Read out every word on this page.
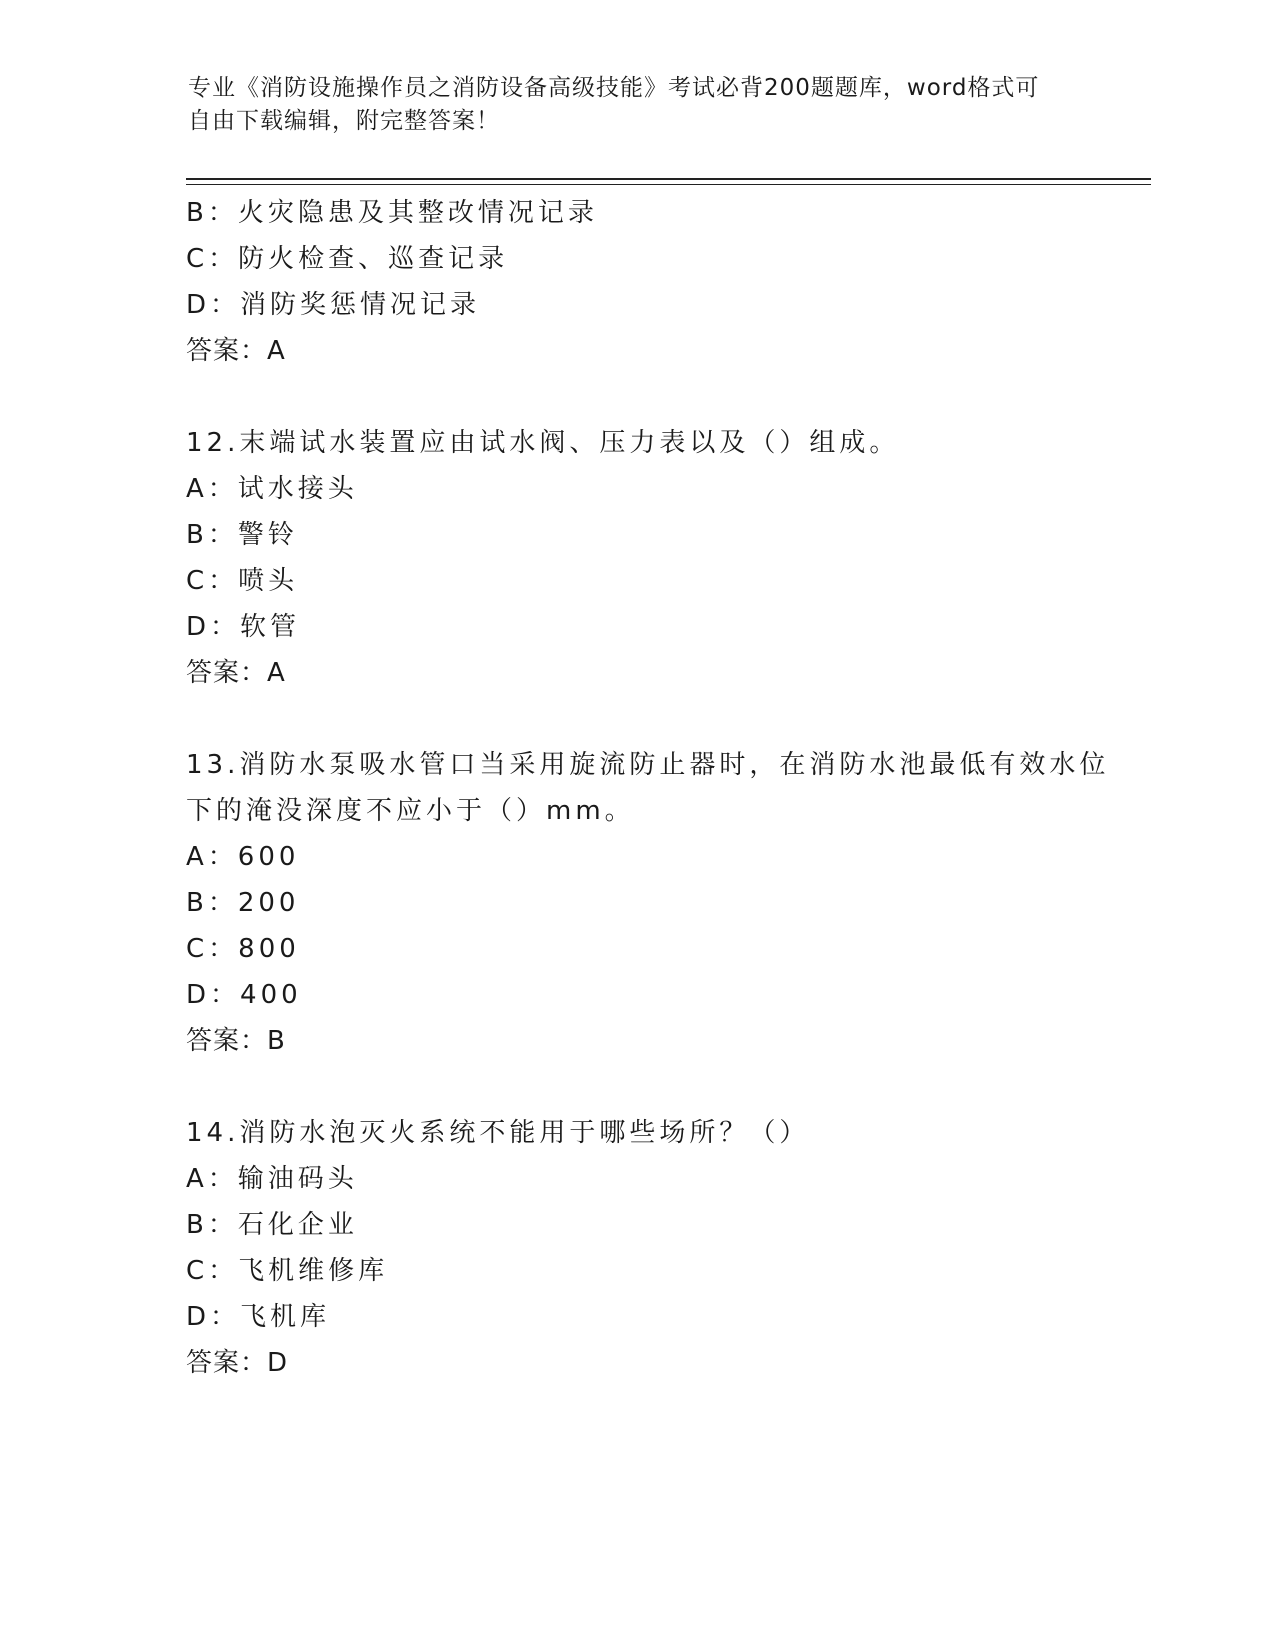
专业《消防设施操作员之消防设备高级技能》考试必背200题题库，word格式可
自由下载编辑，附完整答案！
B：火灾隐患及其整改情况记录
C：防火检查、巡查记录
D：消防奖惩情况记录
答案：A
12.末端试水装置应由试水阀、压力表以及（）组成。
A：试水接头
B：警铃
C：喷头
D：软管
答案：A
13.消防水泵吸水管口当采用旋流防止器时，在消防水池最低有效水位
下的淹没深度不应小于（）mm。
A：600
B：200
C：800
D：400
答案：B
14.消防水泡灭火系统不能用于哪些场所？（）
A：输油码头
B：石化企业
C：飞机维修库
D：飞机库
答案：D
